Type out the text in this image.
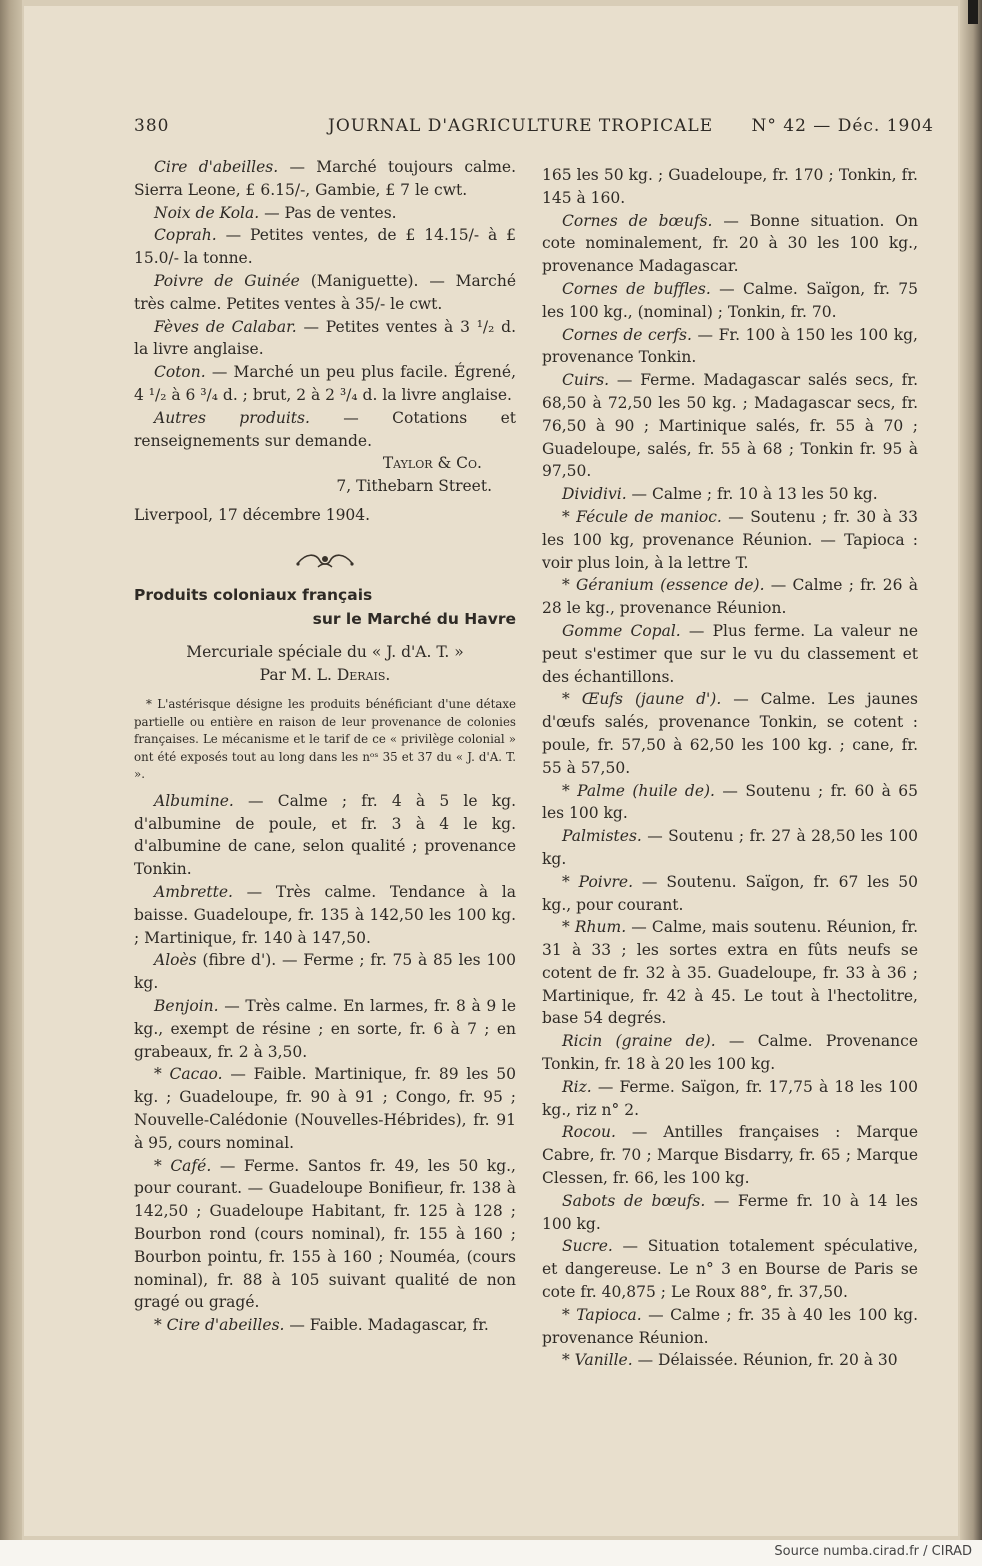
380	JOURNAL D'AGRICULTURE TROPICALE N° 42 — Déc. 1904

Cire d'abeilles. — Marché toujours calme. Sierra Leone, £ 6.15/-, Gambie, £ 7 le cwt.

Noix de Kola. — Pas de ventes.

Coprah. — Petites ventes, de £ 14.15/- à £ 15.0/- la tonne.

Poivre de Guinée (Maniguette). — Marché très calme. Petites ventes à 35/- le cwt.

Fèves de Calabar. — Petites ventes à 3 ¹/₂ d. la livre anglaise.

Coton. — Marché un peu plus facile. Égrené, 4 ¹/₂ à 6 ³/₄ d. ; brut, 2 à 2 ³/₄ d. la livre anglaise.

Autres produits. — Cotations et renseignements sur demande.

Taylor & Co.

7, Tithebarn Street.

Liverpool, 17 décembre 1904.

Produits coloniaux français

sur le Marché du Havre

Mercuriale spéciale du « J. d'A. T. »

Par M. L. Derais.

* L'astérisque désigne les produits bénéficiant d'une détaxe partielle ou entière en raison de leur provenance de colonies françaises. Le mécanisme et le tarif de ce « privilège colonial » ont été exposés tout au long dans les nᵒˢ 35 et 37 du « J. d'A. T. ».

Albumine. — Calme ; fr. 4 à 5 le kg. d'albumine de poule, et fr. 3 à 4 le kg. d'albumine de cane, selon qualité ; provenance Tonkin.

Ambrette. — Très calme. Tendance à la baisse. Guadeloupe, fr. 135 à 142,50 les 100 kg. ; Martinique, fr. 140 à 147,50.

Aloès (fibre d'). — Ferme ; fr. 75 à 85 les 100 kg.

Benjoin. — Très calme. En larmes, fr. 8 à 9 le kg., exempt de résine ; en sorte, fr. 6 à 7 ; en grabeaux, fr. 2 à 3,50.

* Cacao. — Faible. Martinique, fr. 89 les 50 kg. ; Guadeloupe, fr. 90 à 91 ; Congo, fr. 95 ; Nouvelle-Calédonie (Nouvelles-Hébrides), fr. 91 à 95, cours nominal.

* Café. — Ferme. Santos fr. 49, les 50 kg., pour courant. — Guadeloupe Bonifieur, fr. 138 à 142,50 ; Guadeloupe Habitant, fr. 125 à 128 ; Bourbon rond (cours nominal), fr. 155 à 160 ; Bourbon pointu, fr. 155 à 160 ; Nouméa, (cours nominal), fr. 88 à 105 suivant qualité de non gragé ou gragé.

* Cire d'abeilles. — Faible. Madagascar, fr.

165 les 50 kg. ; Guadeloupe, fr. 170 ; Tonkin, fr. 145 à 160.

Cornes de bœufs. — Bonne situation. On cote nominalement, fr. 20 à 30 les 100 kg., provenance Madagascar.

Cornes de buffles. — Calme. Saïgon, fr. 75 les 100 kg., (nominal) ; Tonkin, fr. 70.

Cornes de cerfs. — Fr. 100 à 150 les 100 kg, provenance Tonkin.

Cuirs. — Ferme. Madagascar salés secs, fr. 68,50 à 72,50 les 50 kg. ; Madagascar secs, fr. 76,50 à 90 ; Martinique salés, fr. 55 à 70 ; Guadeloupe, salés, fr. 55 à 68 ; Tonkin fr. 95 à 97,50.

Dividivi. — Calme ; fr. 10 à 13 les 50 kg.

* Fécule de manioc. — Soutenu ; fr. 30 à 33 les 100 kg, provenance Réunion. — Tapioca : voir plus loin, à la lettre T.

* Géranium (essence de). — Calme ; fr. 26 à 28 le kg., provenance Réunion.

Gomme Copal. — Plus ferme. La valeur ne peut s'estimer que sur le vu du classement et des échantillons.

* Œufs (jaune d'). — Calme. Les jaunes d'œufs salés, provenance Tonkin, se cotent : poule, fr. 57,50 à 62,50 les 100 kg. ; cane, fr. 55 à 57,50.

* Palme (huile de). — Soutenu ; fr. 60 à 65 les 100 kg.

Palmistes. — Soutenu ; fr. 27 à 28,50 les 100 kg.

* Poivre. — Soutenu. Saïgon, fr. 67 les 50 kg., pour courant.

* Rhum. — Calme, mais soutenu. Réunion, fr. 31 à 33 ; les sortes extra en fûts neufs se cotent de fr. 32 à 35. Guadeloupe, fr. 33 à 36 ; Martinique, fr. 42 à 45. Le tout à l'hectolitre, base 54 degrés.

Ricin (graine de). — Calme. Provenance Tonkin, fr. 18 à 20 les 100 kg.

Riz. — Ferme. Saïgon, fr. 17,75 à 18 les 100 kg., riz n° 2.

Rocou. — Antilles françaises : Marque Cabre, fr. 70 ; Marque Bisdarry, fr. 65 ; Marque Clessen, fr. 66, les 100 kg.

Sabots de bœufs. — Ferme fr. 10 à 14 les 100 kg.

Sucre. — Situation totalement spéculative, et dangereuse. Le n° 3 en Bourse de Paris se cote fr. 40,875 ; Le Roux 88°, fr. 37,50.

* Tapioca. — Calme ; fr. 35 à 40 les 100 kg. provenance Réunion.

* Vanille. — Délaissée. Réunion, fr. 20 à 30

Source numba.cirad.fr / CIRAD
